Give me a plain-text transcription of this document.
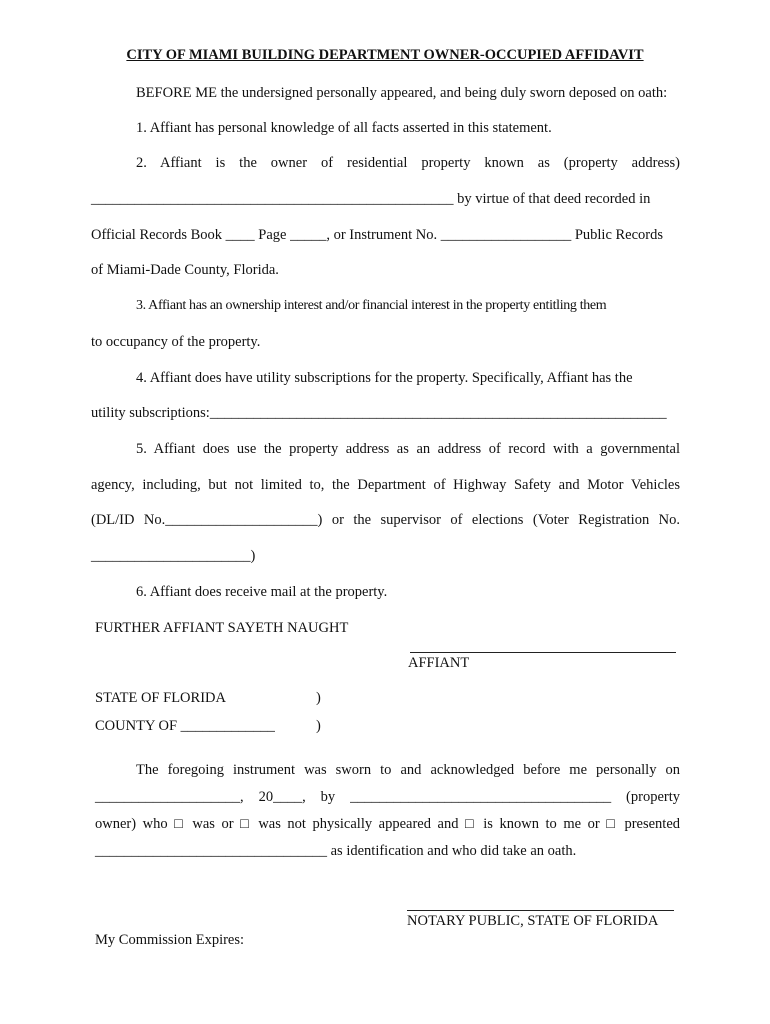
CITY OF MIAMI BUILDING DEPARTMENT OWNER-OCCUPIED AFFIDAVIT
BEFORE ME the undersigned personally appeared, and being duly sworn deposed on oath:
1. Affiant has personal knowledge of all facts asserted in this statement.
2. Affiant is the owner of residential property known as (property address)
__________________________________________________ by virtue of that deed recorded in
Official Records Book ____ Page _____, or Instrument No. __________________ Public Records
of Miami-Dade County, Florida.
3. Affiant has an ownership interest and/or financial interest in the property entitling them
to occupancy of the property.
4. Affiant does have utility subscriptions for the property. Specifically, Affiant has the
utility subscriptions:_______________________________________________________________
5. Affiant does use the property address as an address of record with a governmental
agency, including, but not limited to, the Department of Highway Safety and Motor Vehicles
(DL/ID No._____________________) or the supervisor of elections (Voter Registration No.
______________________)
6. Affiant does receive mail at the property.
FURTHER AFFIANT SAYETH NAUGHT
AFFIANT
STATE OF FLORIDA	)
COUNTY OF _____________	)
The foregoing instrument was sworn to and acknowledged before me personally on
____________________, 20____, by ____________________________________ (property
owner) who □ was or □ was not physically appeared and □ is known to me or □ presented
________________________________ as identification and who did take an oath.
NOTARY PUBLIC, STATE OF FLORIDA
My Commission Expires:
